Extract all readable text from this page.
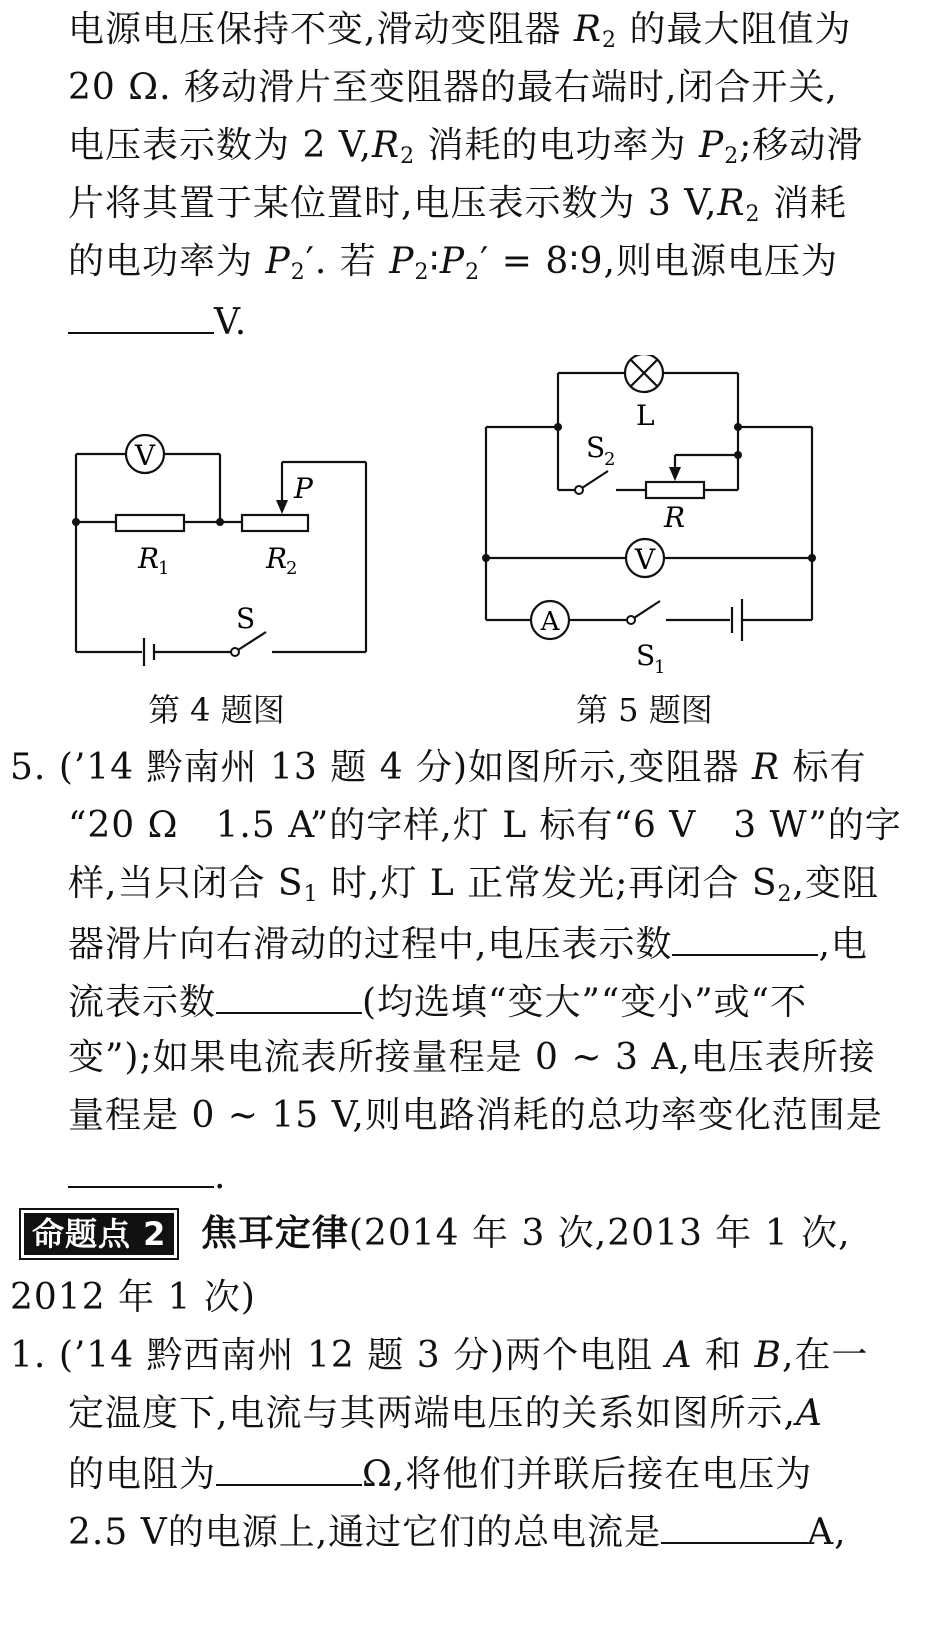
电源电压保持不变,滑动变阻器 $R_2$ 的最大阻值为
20 Ω. 移动滑片至变阻器的最右端时,闭合开关,
电压表示数为 2 $V,R_2$ 消耗的电功率为 $P_2$;移动滑
片将其置于某位置时,电压表示数为 3 $V,R_2$ 消耗
的电功率为 $P_2'$. 若 $P_2∶P_2'$ = 8∶9,则电源电压为
V.
V
P
R
1	R
2
S
第 4 题图
L
S
2
R
V
A
S
1
第 5 题图
5. (’14 黔南州 13 题 4 分)如图所示,变阻器 R 标有
“20 Ω　1.5 A”的字样,灯 L 标有“6 V　3 W”的字
样,当只闭合 $S_1$ 时,灯 L 正常发光;再闭合 $S_2$,变阻
器滑片向右滑动的过程中,电压表示数	,电
流表示数	(均选填“变大”“变小”或“不
变”);如果电流表所接量程是 0 ~ 3 A,电压表所接
量程是 0 ~ 15 V,则电路消耗的总功率变化范围是
.
命题点 2 焦耳定律(2014 年 3 次,2013 年 1 次,
2012 年 1 次)
1. (’14 黔西南州 12 题 3 分)两个电阻 A 和 B,在一
定温度下,电流与其两端电压的关系如图所示,A
的电阻为	Ω,将他们并联后接在电压为
2.5 V的电源上,通过它们的总电流是	A,
